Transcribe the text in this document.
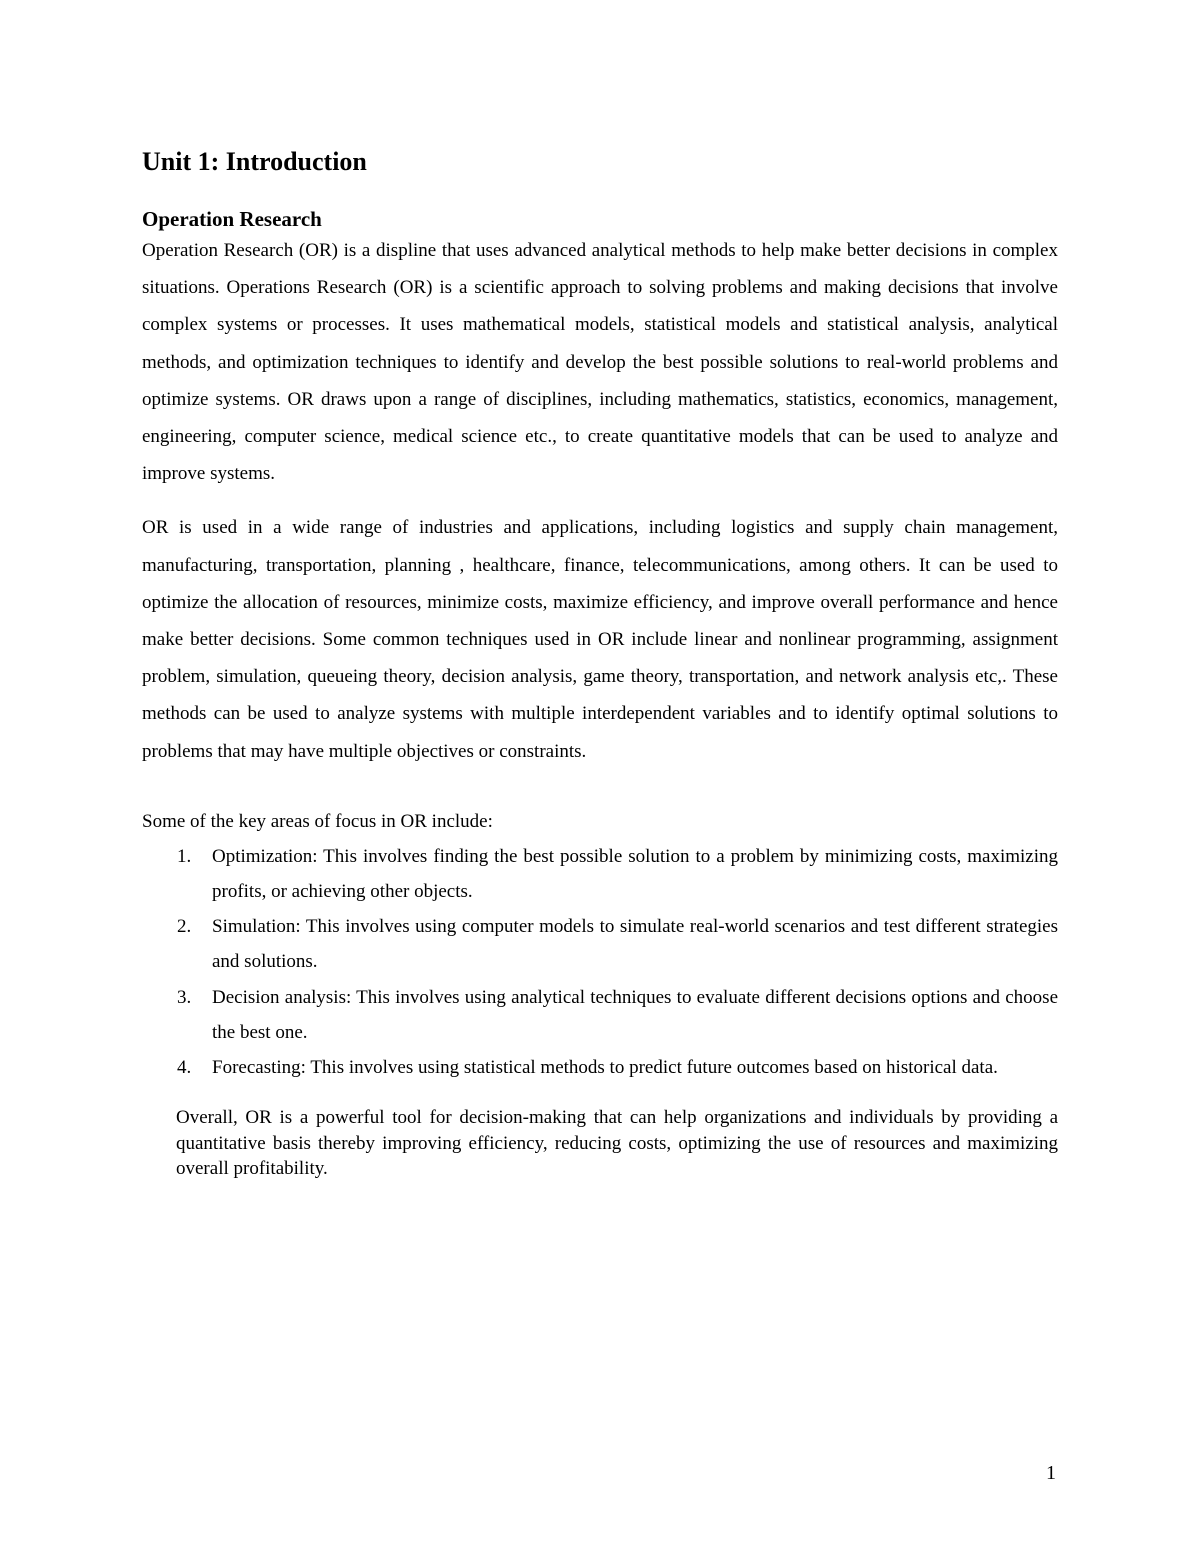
Unit 1: Introduction
Operation Research

Operation Research (OR) is a displine that uses advanced analytical methods to help make better decisions in complex situations. Operations Research (OR) is a scientific approach to solving problems and making decisions that involve complex systems or processes. It uses mathematical models, statistical models and statistical analysis, analytical methods, and optimization techniques to identify and develop the best possible solutions to real-world problems and optimize systems. OR draws upon a range of disciplines, including mathematics, statistics, economics, management, engineering, computer science, medical science etc., to create quantitative models that can be used to analyze and improve systems.

OR is used in a wide range of industries and applications, including logistics and supply chain management, manufacturing, transportation, planning , healthcare, finance, telecommunications, among others. It can be used to optimize the allocation of resources, minimize costs, maximize efficiency, and improve overall performance and hence make better decisions. Some common techniques used in OR include linear and nonlinear programming, assignment problem, simulation, queueing theory, decision analysis, game theory, transportation, and network analysis etc,. These methods can be used to analyze systems with multiple interdependent variables and to identify optimal solutions to problems that may have multiple objectives or constraints.

Some of the key areas of focus in OR include:
1. Optimization: This involves finding the best possible solution to a problem by minimizing costs, maximizing profits, or achieving other objects.
2. Simulation: This involves using computer models to simulate real-world scenarios and test different strategies and solutions.
3. Decision analysis: This involves using analytical techniques to evaluate different decisions options and choose the best one.
4. Forecasting: This involves using statistical methods to predict future outcomes based on historical data.

Overall, OR is a powerful tool for decision-making that can help organizations and individuals by providing a quantitative basis thereby improving efficiency, reducing costs, optimizing the use of resources and maximizing overall profitability.

1
